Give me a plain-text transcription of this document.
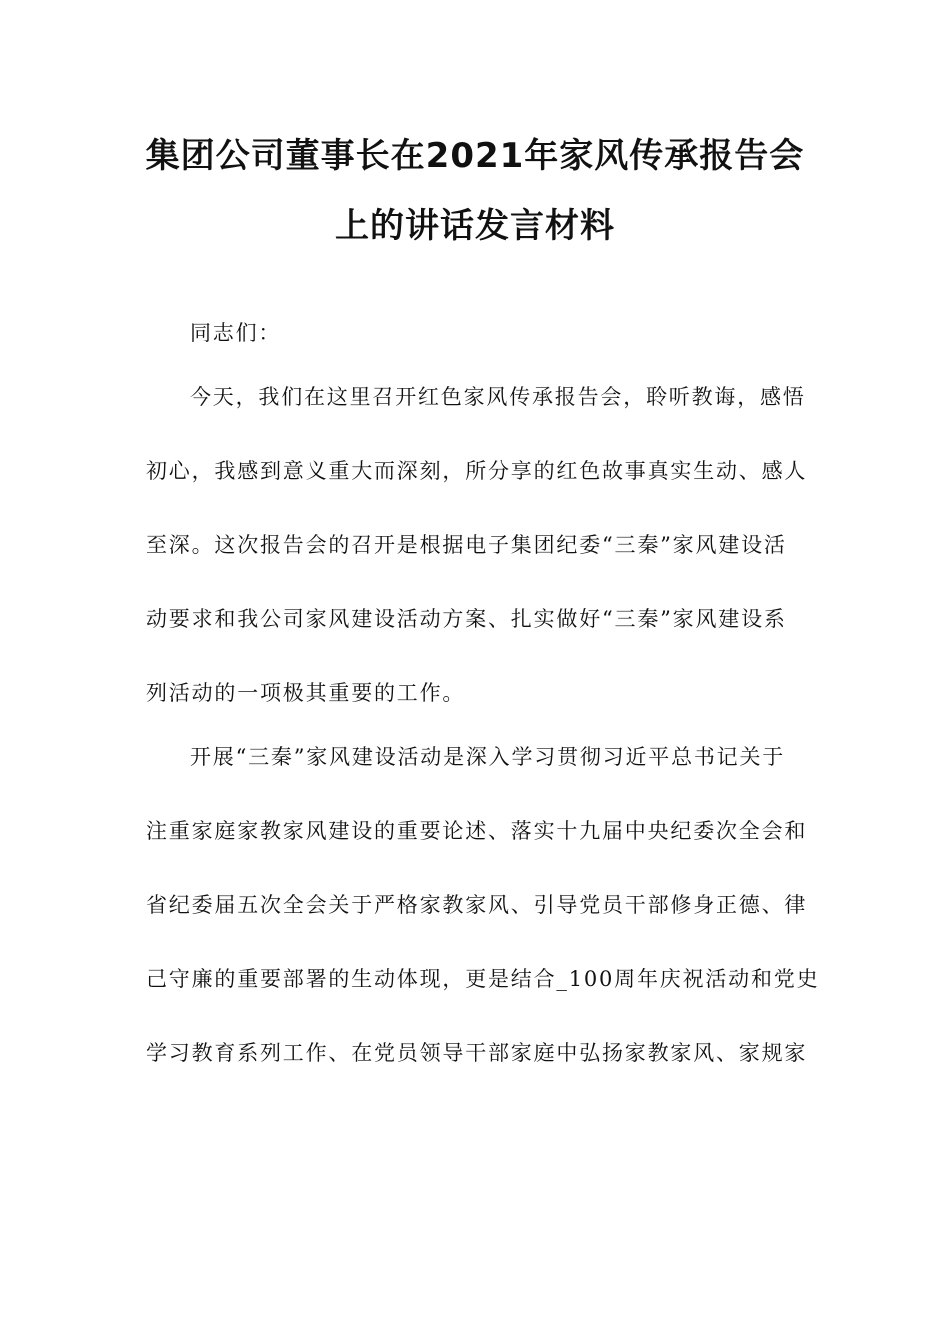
集团公司董事长在2021年家风传承报告会
上的讲话发言材料

同志们：

今天，我们在这里召开红色家风传承报告会，聆听教诲，感悟

初心，我感到意义重大而深刻，所分享的红色故事真实生动、感人

至深。这次报告会的召开是根据电子集团纪委“三秦”家风建设活

动要求和我公司家风建设活动方案、扎实做好“三秦”家风建设系

列活动的一项极其重要的工作。

开展“三秦”家风建设活动是深入学习贯彻习近平总书记关于

注重家庭家教家风建设的重要论述、落实十九届中央纪委次全会和

省纪委届五次全会关于严格家教家风、引导党员干部修身正德、律

己守廉的重要部署的生动体现，更是结合_100周年庆祝活动和党史

学习教育系列工作、在党员领导干部家庭中弘扬家教家风、家规家
